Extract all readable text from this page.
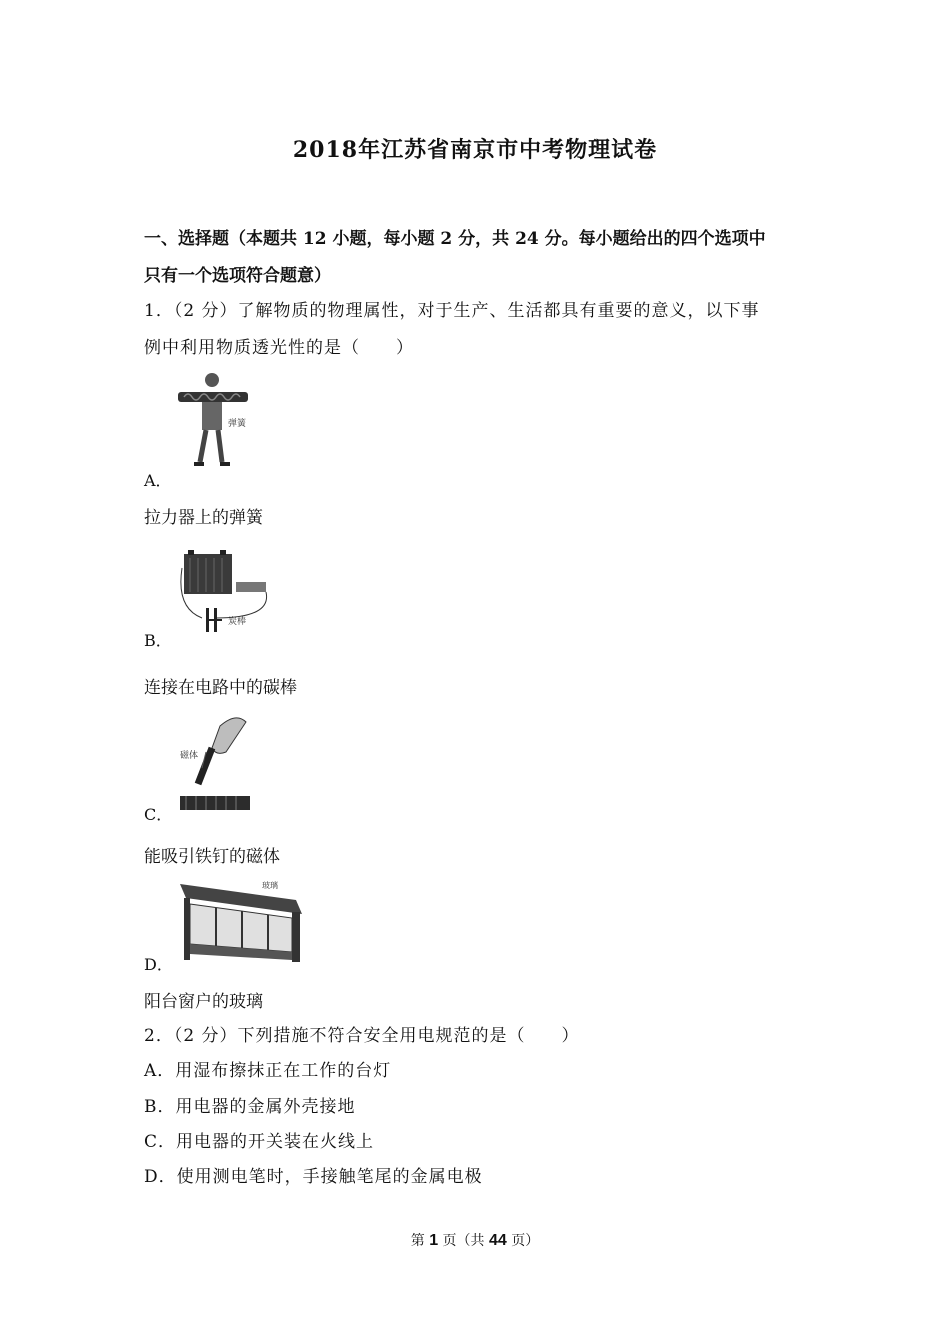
2018年江苏省南京市中考物理试卷
一、选择题（本题共 12 小题，每小题 2 分，共 24 分。每小题给出的四个选项中
只有一个选项符合题意）
1．（2 分）了解物质的物理属性，对于生产、生活都具有重要的意义，以下事
例中利用物质透光性的是（　　）
弹簧
A．
拉力器上的弹簧
炭棒
B．
连接在电路中的碳棒
磁体
C．
能吸引铁钉的磁体
玻璃
D．
阳台窗户的玻璃
2．（2 分）下列措施不符合安全用电规范的是（　　）
A．用湿布擦抹正在工作的台灯
B．用电器的金属外壳接地
C．用电器的开关装在火线上
D．使用测电笔时，手接触笔尾的金属电极
第 1 页（共 44 页）
